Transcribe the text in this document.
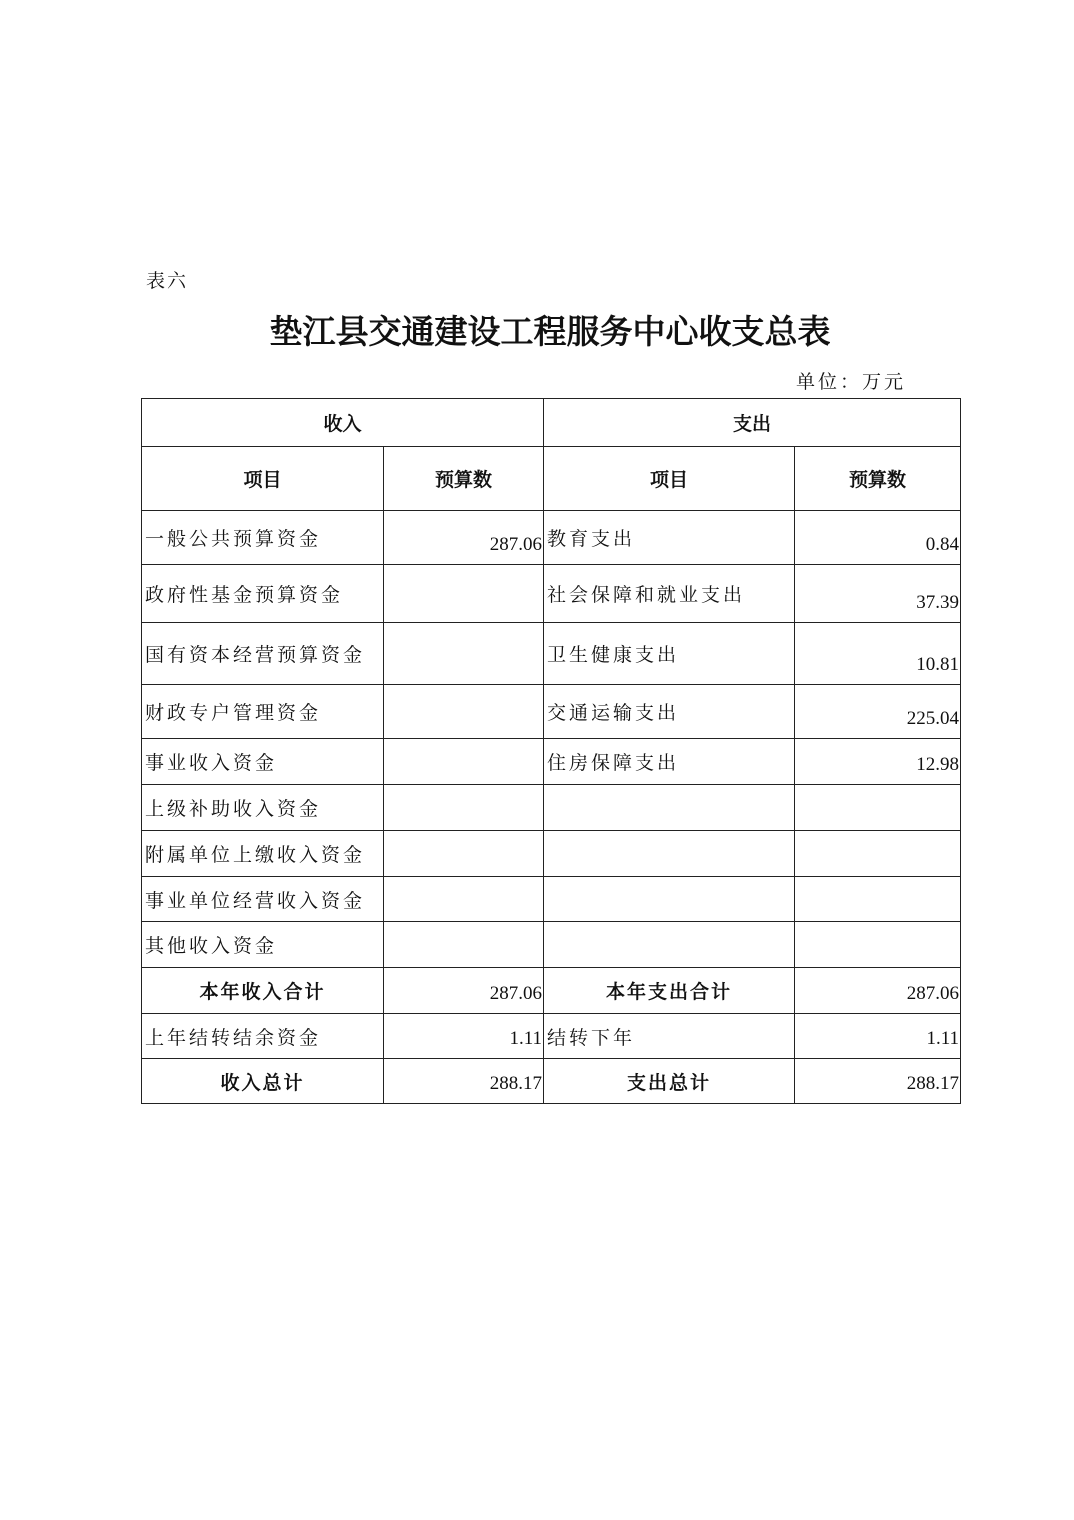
表六
垫江县交通建设工程服务中心收支总表
单位：万元
收入		支出	
项目	预算数	项目	预算数
一般公共预算资金	287.06	教育支出	0.84
政府性基金预算资金		社会保障和就业支出	37.39
国有资本经营预算资金		卫生健康支出	10.81
财政专户管理资金		交通运输支出	225.04
事业收入资金		住房保障支出	12.98
上级补助收入资金			
附属单位上缴收入资金			
事业单位经营收入资金			
其他收入资金			
本年收入合计	287.06	本年支出合计	287.06
上年结转结余资金	1.11	结转下年	1.11
收入总计	288.17	支出总计	288.17
